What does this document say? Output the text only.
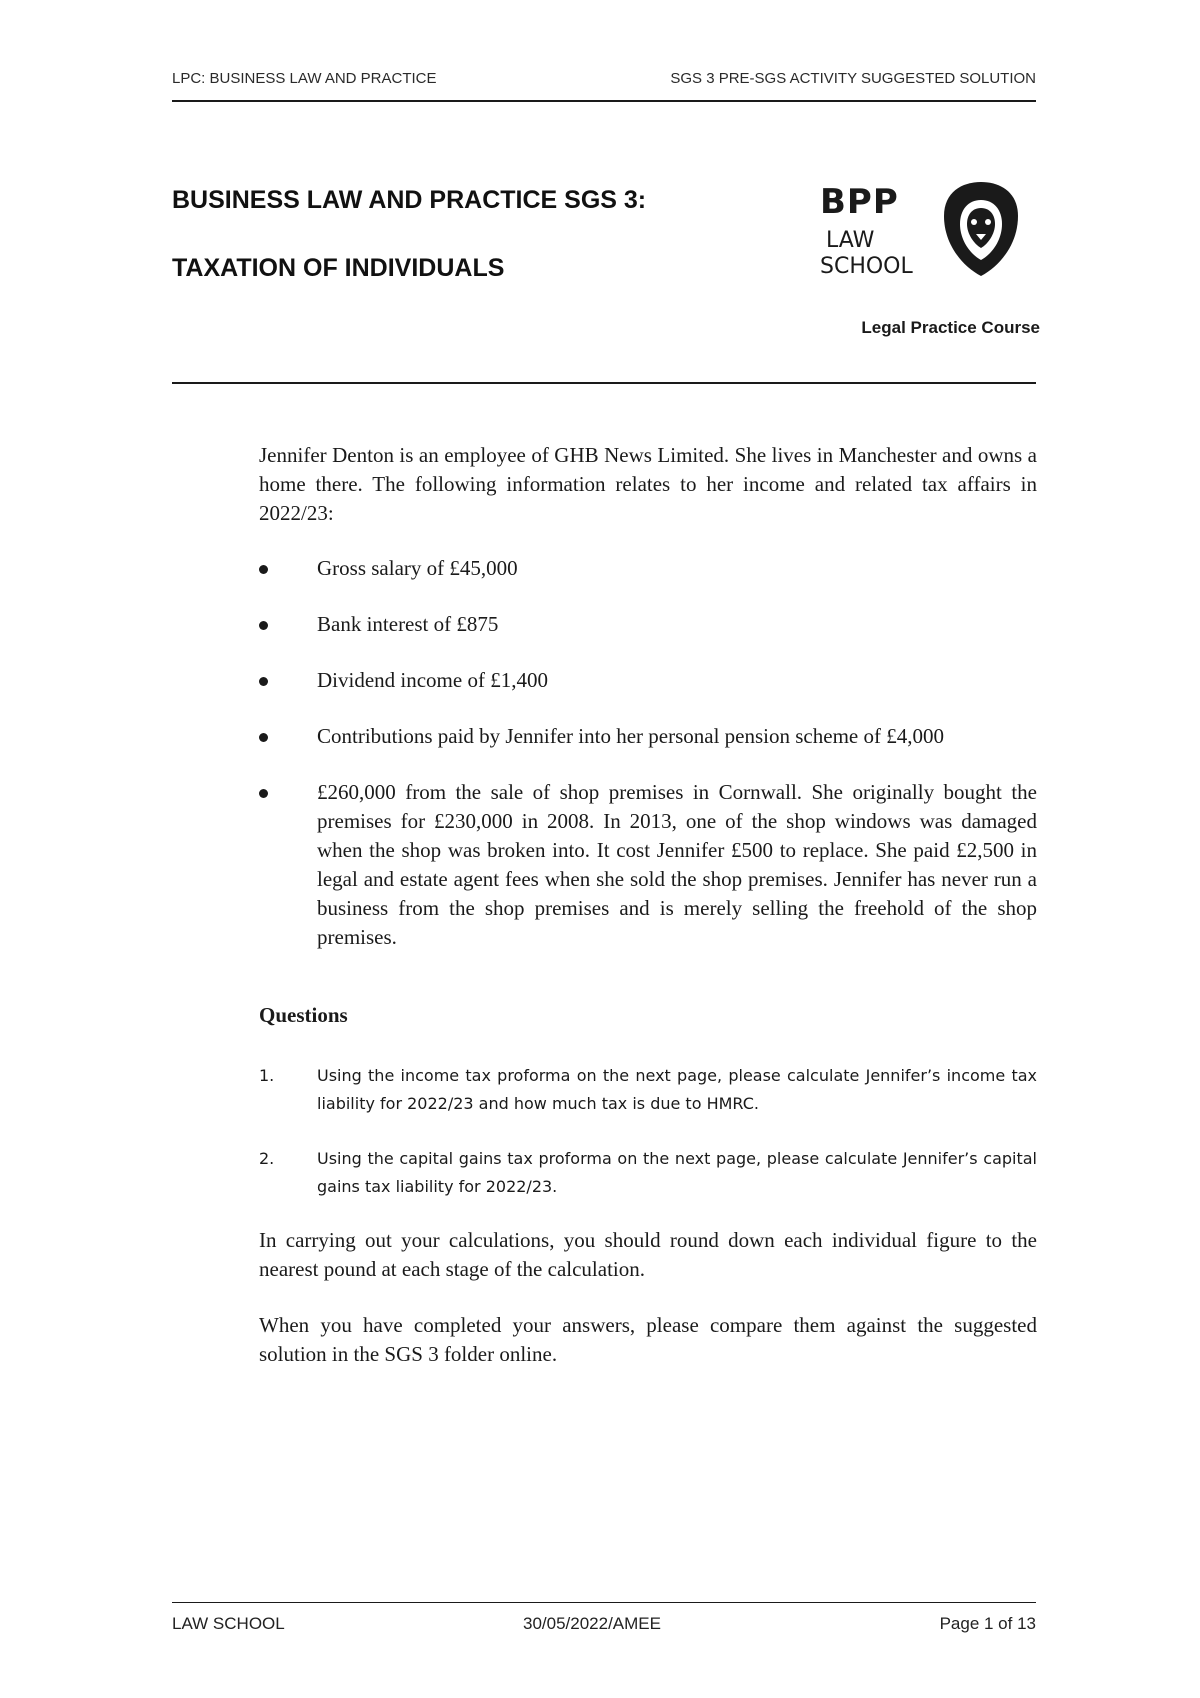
LPC: BUSINESS LAW AND PRACTICE	SGS 3 PRE-SGS ACTIVITY SUGGESTED SOLUTION
BUSINESS LAW AND PRACTICE SGS 3:
TAXATION OF INDIVIDUALS
BPP
LAW
SCHOOL
Legal Practice Course
Jennifer Denton is an employee of GHB News Limited. She lives in Manchester and owns a home there. The following information relates to her income and related tax affairs in 2022/23:
Gross salary of £45,000
Bank interest of £875
Dividend income of £1,400
Contributions paid by Jennifer into her personal pension scheme of £4,000
£260,000 from the sale of shop premises in Cornwall. She originally bought the premises for £230,000 in 2008. In 2013, one of the shop windows was damaged when the shop was broken into. It cost Jennifer £500 to replace. She paid £2,500 in legal and estate agent fees when she sold the shop premises. Jennifer has never run a business from the shop premises and is merely selling the freehold of the shop premises.
Questions
1.	Using the income tax proforma on the next page, please calculate Jennifer’s income tax liability for 2022/23 and how much tax is due to HMRC.
2.	Using the capital gains tax proforma on the next page, please calculate Jennifer’s capital gains tax liability for 2022/23.
In carrying out your calculations, you should round down each individual figure to the nearest pound at each stage of the calculation.
When you have completed your answers, please compare them against the suggested solution in the SGS 3 folder online.
LAW SCHOOL	30/05/2022/AMEE	Page 1 of 13
